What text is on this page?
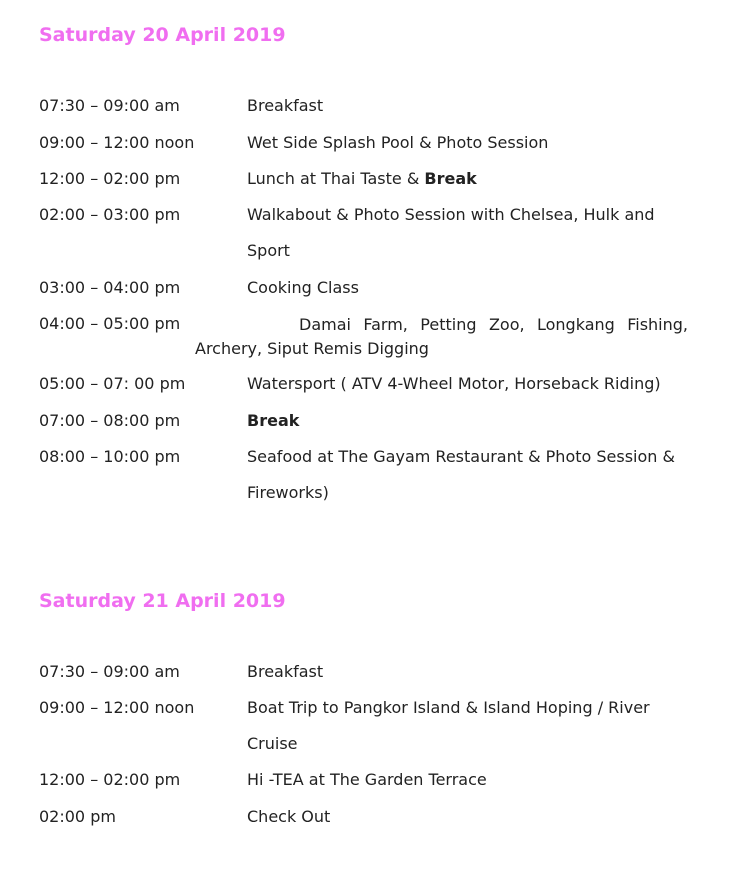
Saturday 20 April 2019
07:30 – 09:00 am	Breakfast
09:00 – 12:00 noon	Wet Side Splash Pool & Photo Session
12:00 – 02:00 pm	Lunch at Thai Taste & Break
02:00 – 03:00 pm	Walkabout & Photo Session with Chelsea, Hulk and
Sport
03:00 – 04:00 pm	Cooking Class
04:00 – 05:00 pm	Damai Farm, Petting Zoo, Longkang Fishing,
Archery, Siput Remis Digging
05:00 – 07: 00 pm	Watersport ( ATV 4-Wheel Motor, Horseback Riding)
07:00 – 08:00 pm	Break
08:00 – 10:00 pm	Seafood at The Gayam Restaurant & Photo Session &
Fireworks)
Saturday 21 April 2019
07:30 – 09:00 am	Breakfast
09:00 – 12:00 noon	Boat Trip to Pangkor Island & Island Hoping / River
Cruise
12:00 – 02:00 pm	Hi -TEA at The Garden Terrace
02:00 pm	Check Out
